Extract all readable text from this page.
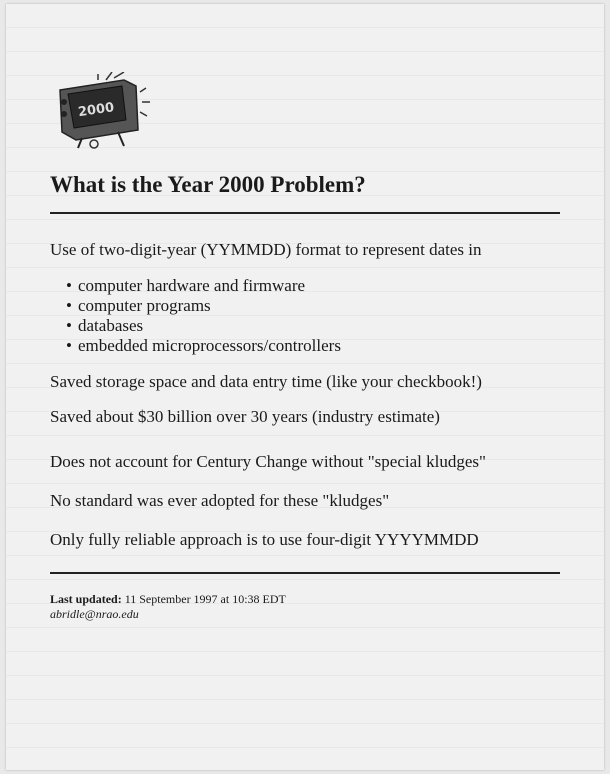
2000
What is the Year 2000 Problem?

Use of two-digit-year (YYMMDD) format to represent dates in

• computer hardware and firmware
• computer programs
• databases
• embedded microprocessors/controllers

Saved storage space and data entry time (like your checkbook!)

Saved about $30 billion over 30 years (industry estimate)

Does not account for Century Change without "special kludges"

No standard was ever adopted for these "kludges"

Only fully reliable approach is to use four-digit YYYYMMDD

Last updated: 11 September 1997 at 10:38 EDT
abridle@nrao.edu
